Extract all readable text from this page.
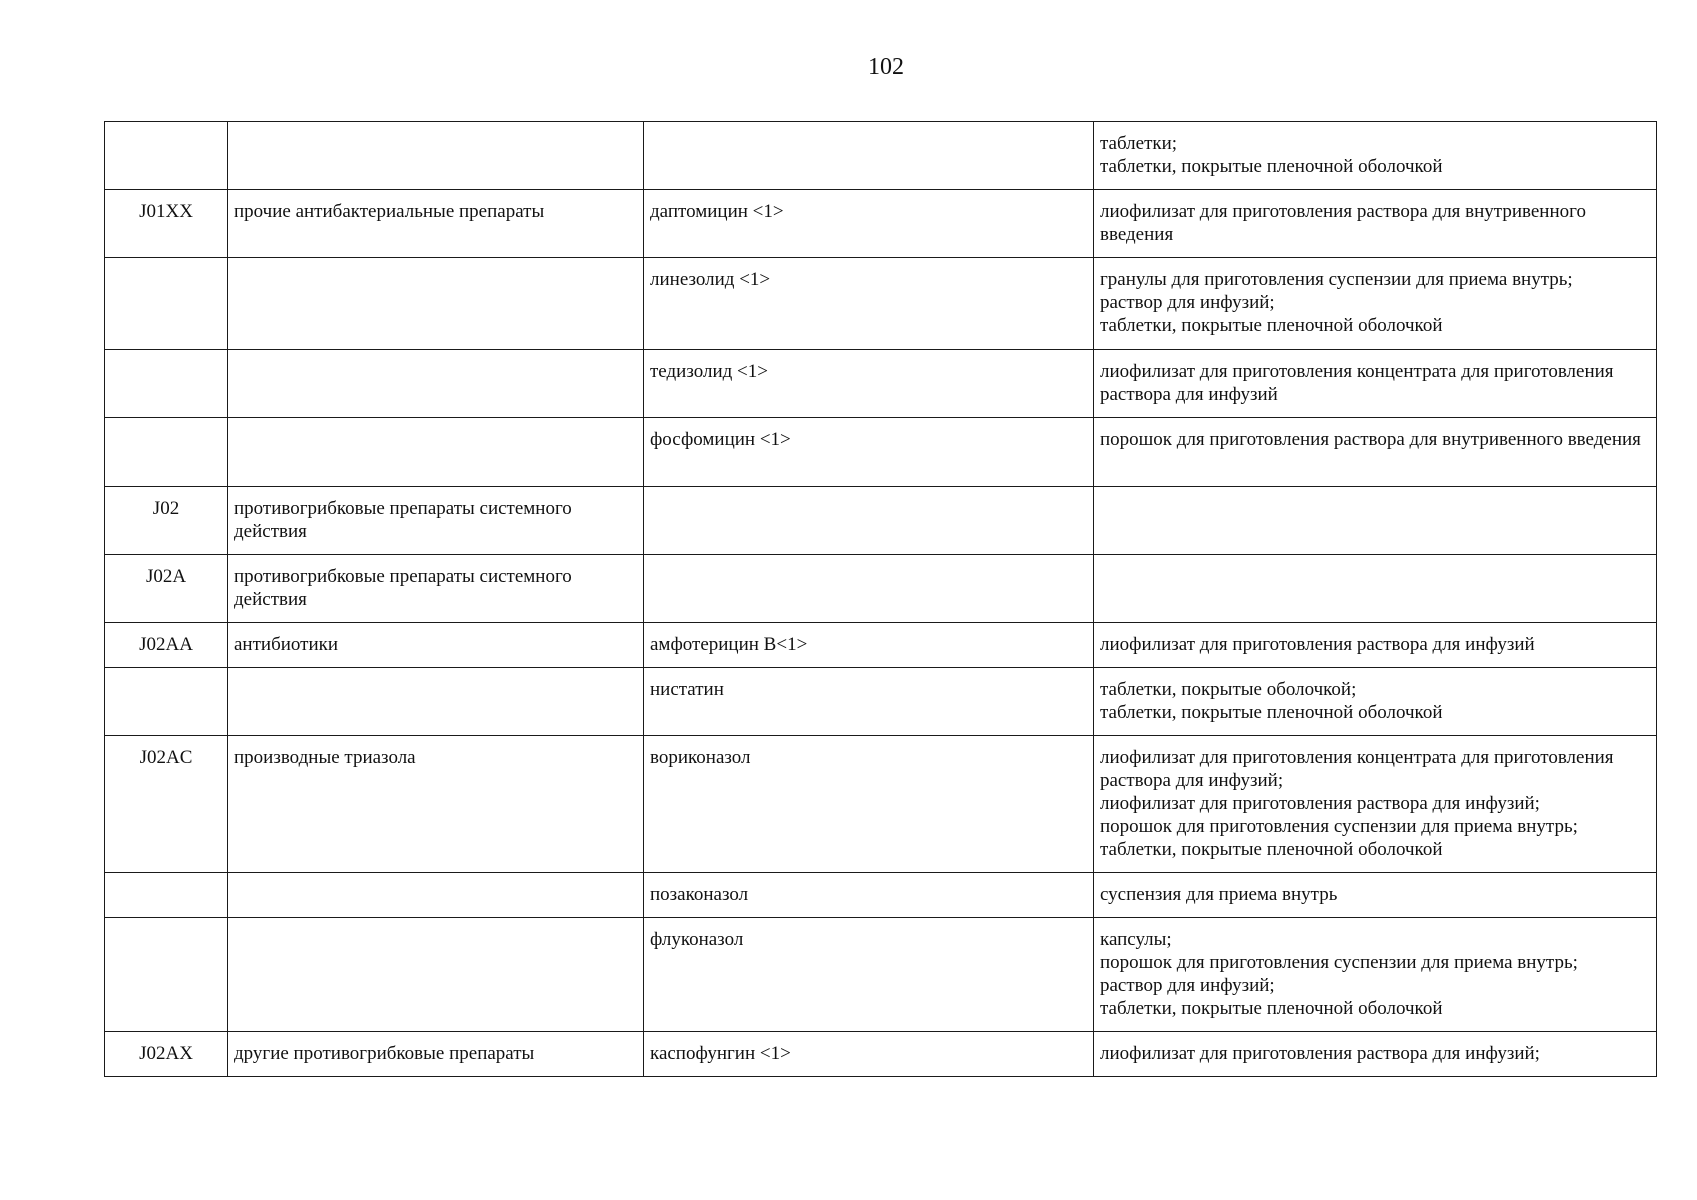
102
			таблетки;
таблетки, покрытые пленочной оболочкой
J01XX	прочие антибактериальные препараты	даптомицин <1>	лиофилизат для приготовления раствора для внутривенного введения
		линезолид <1>	гранулы для приготовления суспензии для приема внутрь;
раствор для инфузий;
таблетки, покрытые пленочной оболочкой
		тедизолид <1>	лиофилизат для приготовления концентрата для приготовления раствора для инфузий
		фосфомицин <1>	порошок для приготовления раствора для внутривенного введения
J02	противогрибковые препараты системного действия		
J02A	противогрибковые препараты системного действия		
J02AA	антибиотики	амфотерицин B<1>	лиофилизат для приготовления раствора для инфузий
		нистатин	таблетки, покрытые оболочкой;
таблетки, покрытые пленочной оболочкой
J02AC	производные триазола	вориконазол	лиофилизат для приготовления концентрата для приготовления раствора для инфузий;
лиофилизат для приготовления раствора для инфузий;
порошок для приготовления суспензии для приема внутрь;
таблетки, покрытые пленочной оболочкой
		позаконазол	суспензия для приема внутрь
		флуконазол	капсулы;
порошок для приготовления суспензии для приема внутрь;
раствор для инфузий;
таблетки, покрытые пленочной оболочкой
J02AX	другие противогрибковые препараты	каспофунгин <1>	лиофилизат для приготовления раствора для инфузий;
